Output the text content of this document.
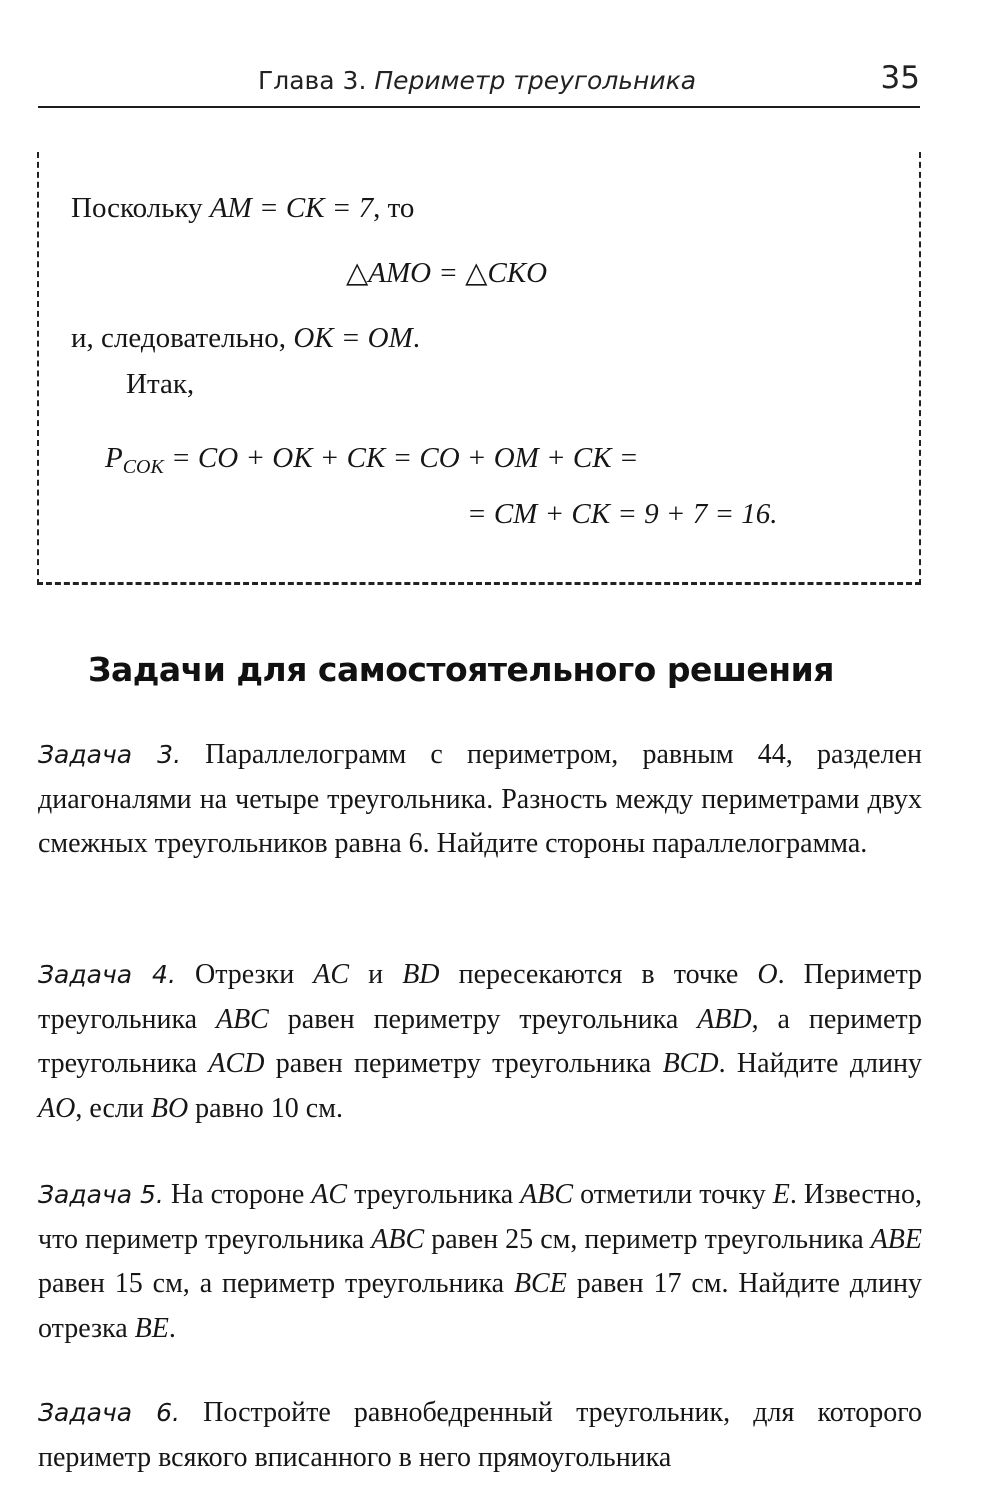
Глава 3. Периметр треугольника	35
Поскольку AM = CK = 7, то
△AMO = △CKO
и, следовательно, OK = OM.
Итак,
$P_{COK}$ = CO + OK + CK = CO + OM + CK =
= CM + CK = 9 + 7 = 16.
Задачи для самостоятельного решения
Задача 3. Параллелограмм с периметром, равным 44, разделен диагоналями на четыре треугольника. Разность между периметрами двух смежных треугольников равна 6. Найдите стороны параллелограмма.
Задача 4. Отрезки AC и BD пересекаются в точке O. Периметр треугольника ABC равен периметру треугольника ABD, а периметр треугольника ACD равен периметру треугольника BCD. Найдите длину AO, если BO равно 10 см.
Задача 5. На стороне AC треугольника ABC отметили точку E. Известно, что периметр треугольника ABC равен 25 см, периметр треугольника ABE равен 15 см, а периметр треугольника BCE равен 17 см. Найдите длину отрезка BE.
Задача 6. Постройте равнобедренный треугольник, для которого периметр всякого вписанного в него прямоугольника
